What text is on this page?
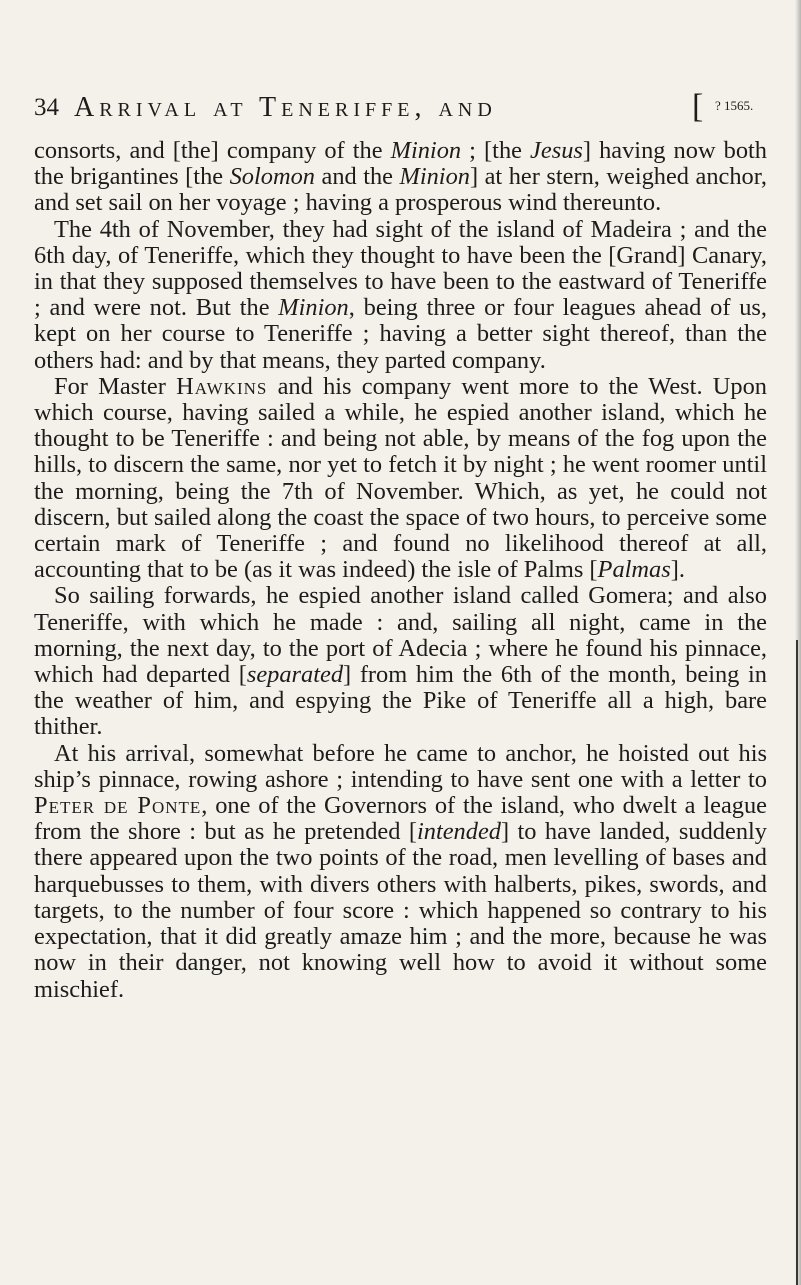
34 Arrival at Teneriffe, and	[ ? 1565.

consorts, and [the] company of the Minion ; [the Jesus] having now both the brigantines [the Solomon and the Minion] at her stern, weighed anchor, and set sail on her voyage ; having a prosperous wind thereunto.

The 4th of November, they had sight of the island of Madeira ; and the 6th day, of Teneriffe, which they thought to have been the [Grand] Canary, in that they supposed themselves to have been to the eastward of Teneriffe ; and were not. But the Minion, being three or four leagues ahead of us, kept on her course to Teneriffe ; having a better sight thereof, than the others had: and by that means, they parted company.

For Master Hawkins and his company went more to the West. Upon which course, having sailed a while, he espied another island, which he thought to be Teneriffe : and being not able, by means of the fog upon the hills, to discern the same, nor yet to fetch it by night ; he went roomer until the morning, being the 7th of November. Which, as yet, he could not discern, but sailed along the coast the space of two hours, to perceive some certain mark of Teneriffe ; and found no likelihood thereof at all, accounting that to be (as it was indeed) the isle of Palms [Palmas].

So sailing forwards, he espied another island called Gomera; and also Teneriffe, with which he made : and, sailing all night, came in the morning, the next day, to the port of Adecia ; where he found his pinnace, which had departed [separated] from him the 6th of the month, being in the weather of him, and espying the Pike of Teneriffe all a high, bare thither.

At his arrival, somewhat before he came to anchor, he hoisted out his ship’s pinnace, rowing ashore ; intending to have sent one with a letter to Peter de Ponte, one of the Governors of the island, who dwelt a league from the shore : but as he pretended [intended] to have landed, suddenly there appeared upon the two points of the road, men levelling of bases and harquebusses to them, with divers others with halberts, pikes, swords, and targets, to the number of four score : which happened so contrary to his expectation, that it did greatly amaze him ; and the more, because he was now in their danger, not knowing well how to avoid it without some mischief.
